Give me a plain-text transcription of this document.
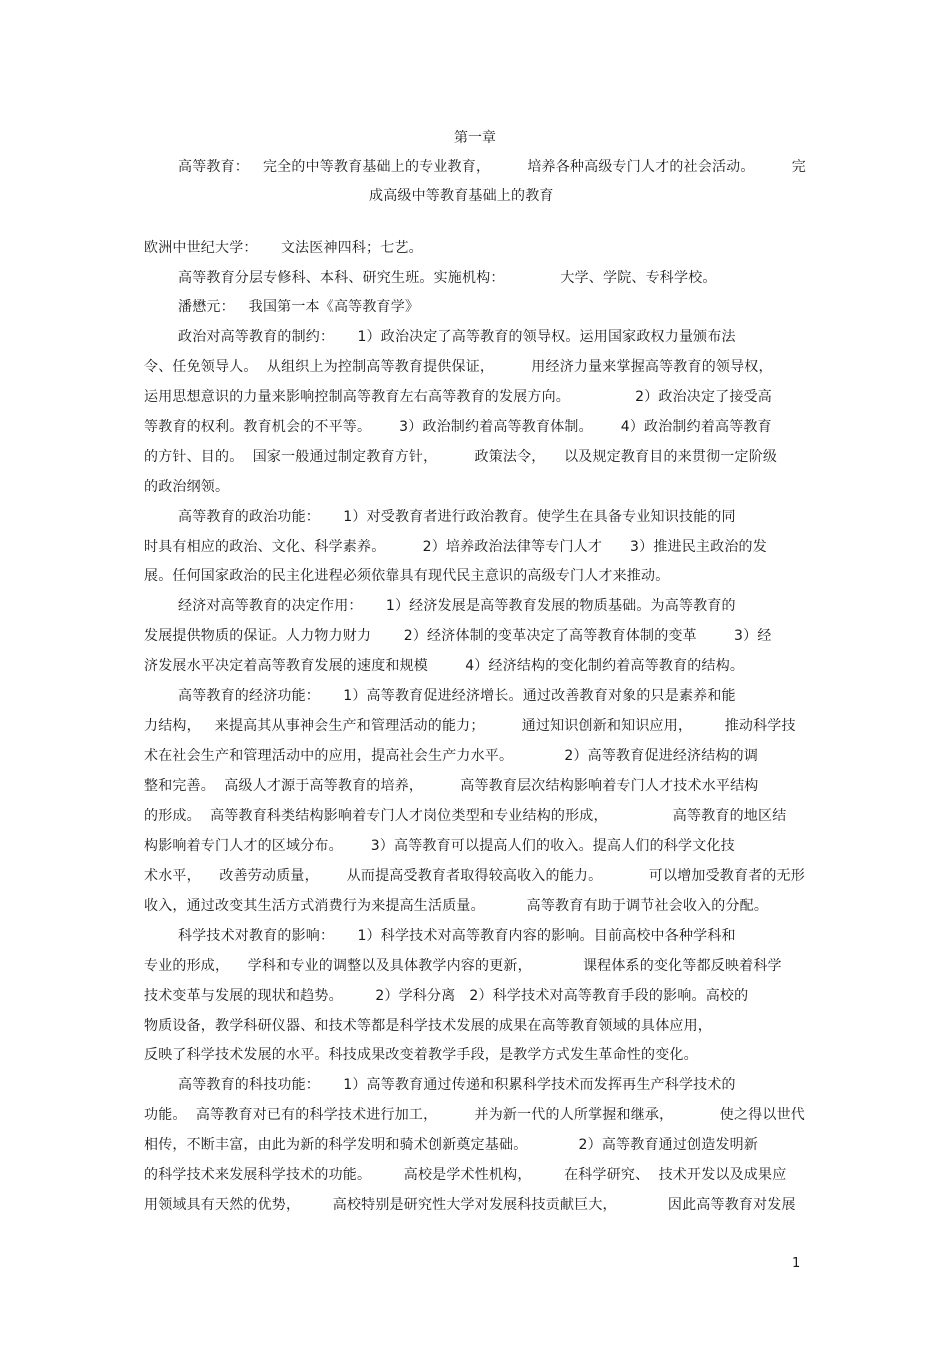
第一章
高等教育：   完全的中等教育基础上的专业教育，        培养各种高级专门人才的社会活动。        完
成高级中等教育基础上的教育
欧洲中世纪大学：     文法医神四科；七艺。
高等教育分层专修科、本科、研究生班。实施机构：            大学、学院、专科学校。
潘懋元：   我国第一本《高等教育学》
政治对高等教育的制约：     1）政治决定了高等教育的领导权。运用国家政权力量颁布法
令、任免领导人。  从组织上为控制高等教育提供保证，        用经济力量来掌握高等教育的领导权，
运用思想意识的力量来影响控制高等教育左右高等教育的发展方向。              2）政治决定了接受高
等教育的权利。教育机会的不平等。      3）政治制约着高等教育体制。      4）政治制约着高等教育
的方针、目的。  国家一般通过制定教育方针，        政策法令，    以及规定教育目的来贯彻一定阶级
的政治纲领。
高等教育的政治功能：     1）对受教育者进行政治教育。使学生在具备专业知识技能的同
时具有相应的政治、文化、科学素养。        2）培养政治法律等专门人才      3）推进民主政治的发
展。任何国家政治的民主化进程必须依靠具有现代民主意识的高级专门人才来推动。
经济对高等教育的决定作用：     1）经济发展是高等教育发展的物质基础。为高等教育的
发展提供物质的保证。人力物力财力       2）经济体制的变革决定了高等教育体制的变革        3）经
济发展水平决定着高等教育发展的速度和规模        4）经济结构的变化制约着高等教育的结构。
高等教育的经济功能：     1）高等教育促进经济增长。通过改善教育对象的只是素养和能
力结构，   来提高其从事神会生产和管理活动的能力；        通过知识创新和知识应用，       推动科学技
术在社会生产和管理活动中的应用，提高社会生产力水平。           2）高等教育促进经济结构的调
整和完善。  高级人才源于高等教育的培养，        高等教育层次结构影响着专门人才技术水平结构
的形成。  高等教育科类结构影响着专门人才岗位类型和专业结构的形成，              高等教育的地区结
构影响着专门人才的区域分布。      3）高等教育可以提高人们的收入。提高人们的科学文化技
术水平，    改善劳动质量，      从而提高受教育者取得较高收入的能力。          可以增加受教育者的无形
收入，通过改变其生活方式消费行为来提高生活质量。         高等教育有助于调节社会收入的分配。
科学技术对教育的影响：     1）科学技术对高等教育内容的影响。目前高校中各种学科和
专业的形成，    学科和专业的调整以及具体教学内容的更新，           课程体系的变化等都反映着科学
技术变革与发展的现状和趋势。       2）学科分离   2）科学技术对高等教育手段的影响。高校的
物质设备，教学科研仪器、和技术等都是科学技术发展的成果在高等教育领域的具体应用，
反映了科学技术发展的水平。科技成果改变着教学手段，是教学方式发生革命性的变化。
高等教育的科技功能：     1）高等教育通过传递和积累科学技术而发挥再生产科学技术的
功能。  高等教育对已有的科学技术进行加工，        并为新一代的人所掌握和继承，          使之得以世代
相传，不断丰富，由此为新的科学发明和骑术创新奠定基础。           2）高等教育通过创造发明新
的科学技术来发展科学技术的功能。       高校是学术性机构，       在科学研究、  技术开发以及成果应
用领域具有天然的优势，       高校特别是研究性大学对发展科技贡献巨大，           因此高等教育对发展
1
